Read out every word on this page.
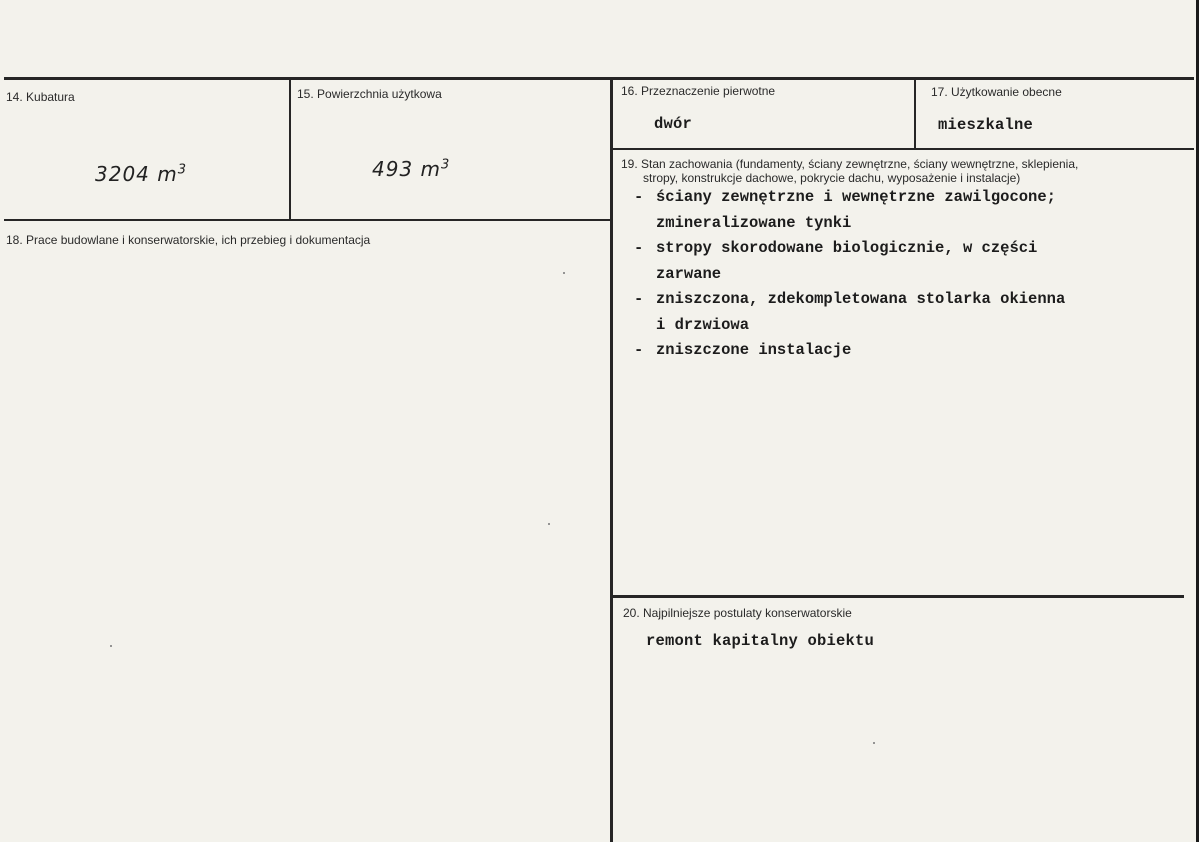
14. Kubatura
3204 $m^3$
15. Powierzchnia użytkowa
493 $m^3$
16. Przeznaczenie pierwotne
dwór
17. Użytkowanie obecne
mieszkalne
18. Prace budowlane i konserwatorskie, ich przebieg i dokumentacja
19. Stan zachowania (fundamenty, ściany zewnętrzne, ściany wewnętrzne, sklepienia,
stropy, konstrukcje dachowe, pokrycie dachu, wyposażenie i instalacje)
- ściany zewnętrzne i wewnętrzne zawilgocone;
zmineralizowane tynki
- stropy skorodowane biologicznie, w części
zarwane
- zniszczona, zdekompletowana stolarka okienna
i drzwiowa
- zniszczone instalacje
20. Najpilniejsze postulaty konserwatorskie
remont kapitalny obiektu
